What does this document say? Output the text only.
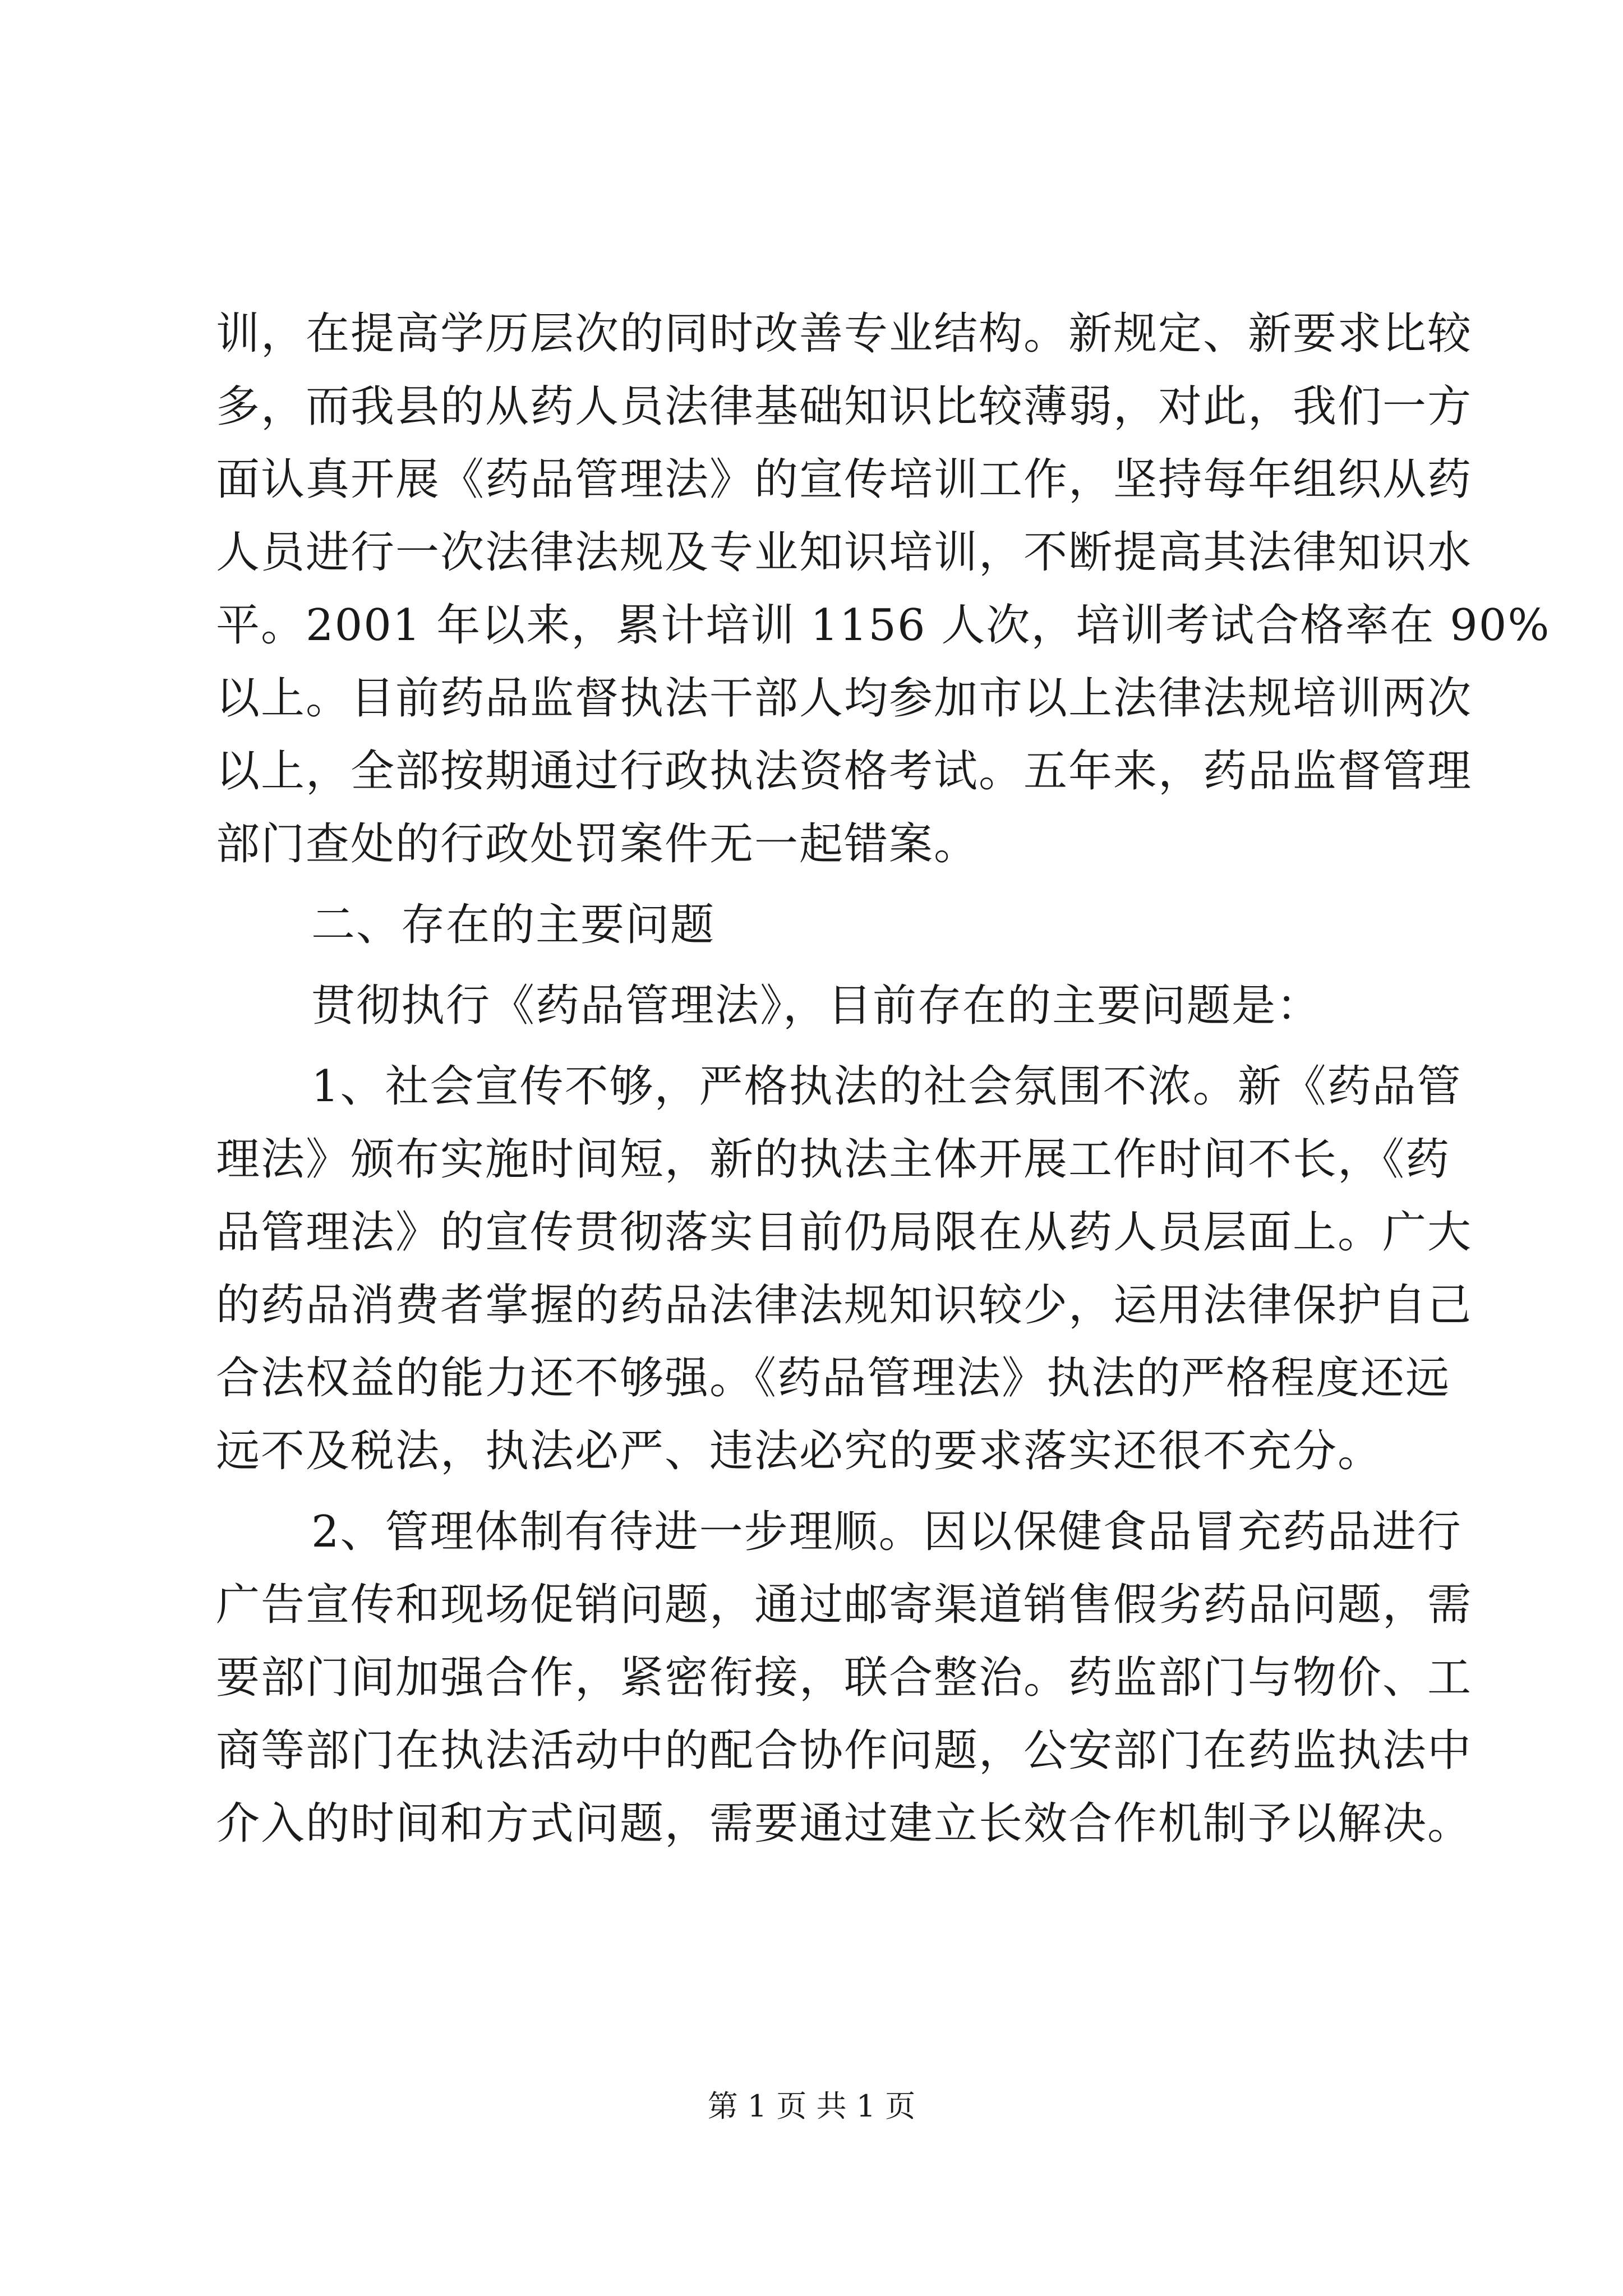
训，在提高学历层次的同时改善专业结构。新规定、新要求比较
多，而我县的从药人员法律基础知识比较薄弱，对此，我们一方
面认真开展《药品管理法》的宣传培训工作，坚持每年组织从药
人员进行一次法律法规及专业知识培训，不断提高其法律知识水
平。2001 年以来，累计培训 1156 人次，培训考试合格率在 90%
以上。目前药品监督执法干部人均参加市以上法律法规培训两次
以上，全部按期通过行政执法资格考试。五年来，药品监督管理
部门查处的行政处罚案件无一起错案。
二、存在的主要问题
贯彻执行《药品管理法》，目前存在的主要问题是：
1、社会宣传不够，严格执法的社会氛围不浓。新《药品管
理法》颁布实施时间短，新的执法主体开展工作时间不长，《药
品管理法》的宣传贯彻落实目前仍局限在从药人员层面上。广大
的药品消费者掌握的药品法律法规知识较少，运用法律保护自己
合法权益的能力还不够强。《药品管理法》执法的严格程度还远
远不及税法，执法必严、违法必究的要求落实还很不充分。
2、管理体制有待进一步理顺。因以保健食品冒充药品进行
广告宣传和现场促销问题，通过邮寄渠道销售假劣药品问题，需
要部门间加强合作，紧密衔接，联合整治。药监部门与物价、工
商等部门在执法活动中的配合协作问题，公安部门在药监执法中
介入的时间和方式问题，需要通过建立长效合作机制予以解决。
第 1 页 共 1 页
